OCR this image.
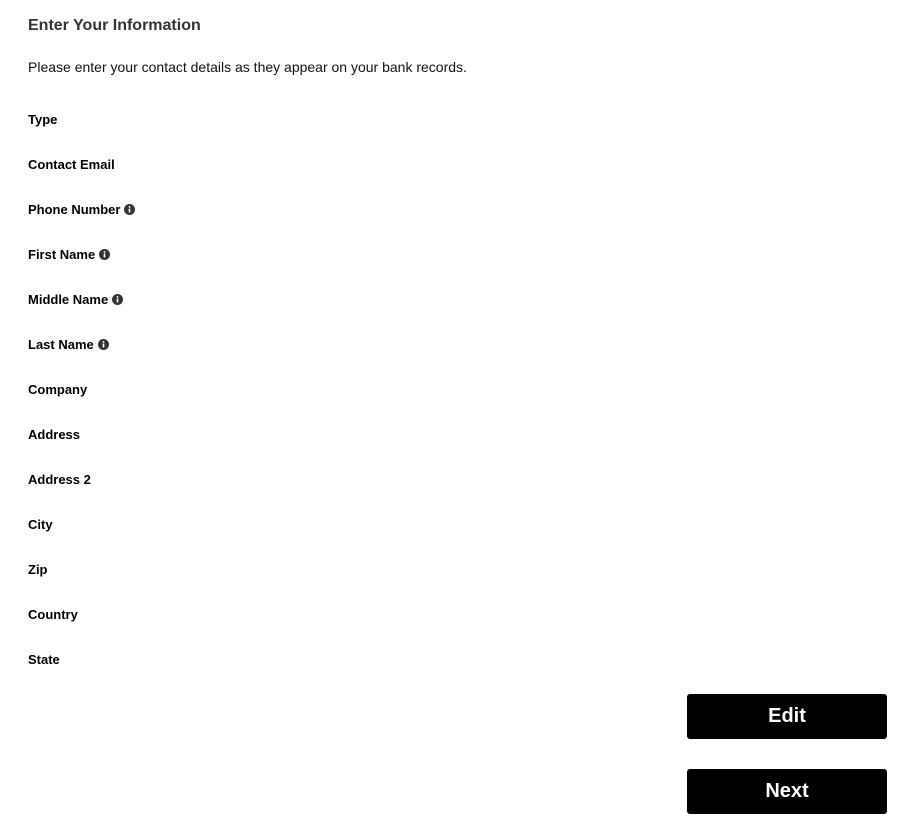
Enter Your Information

Please enter your contact details as they appear on your bank records.

Type
Contact Email
Phone Number
First Name
Middle Name
Last Name
Company
Address
Address 2
City
Zip
Country
State
Edit
Next
